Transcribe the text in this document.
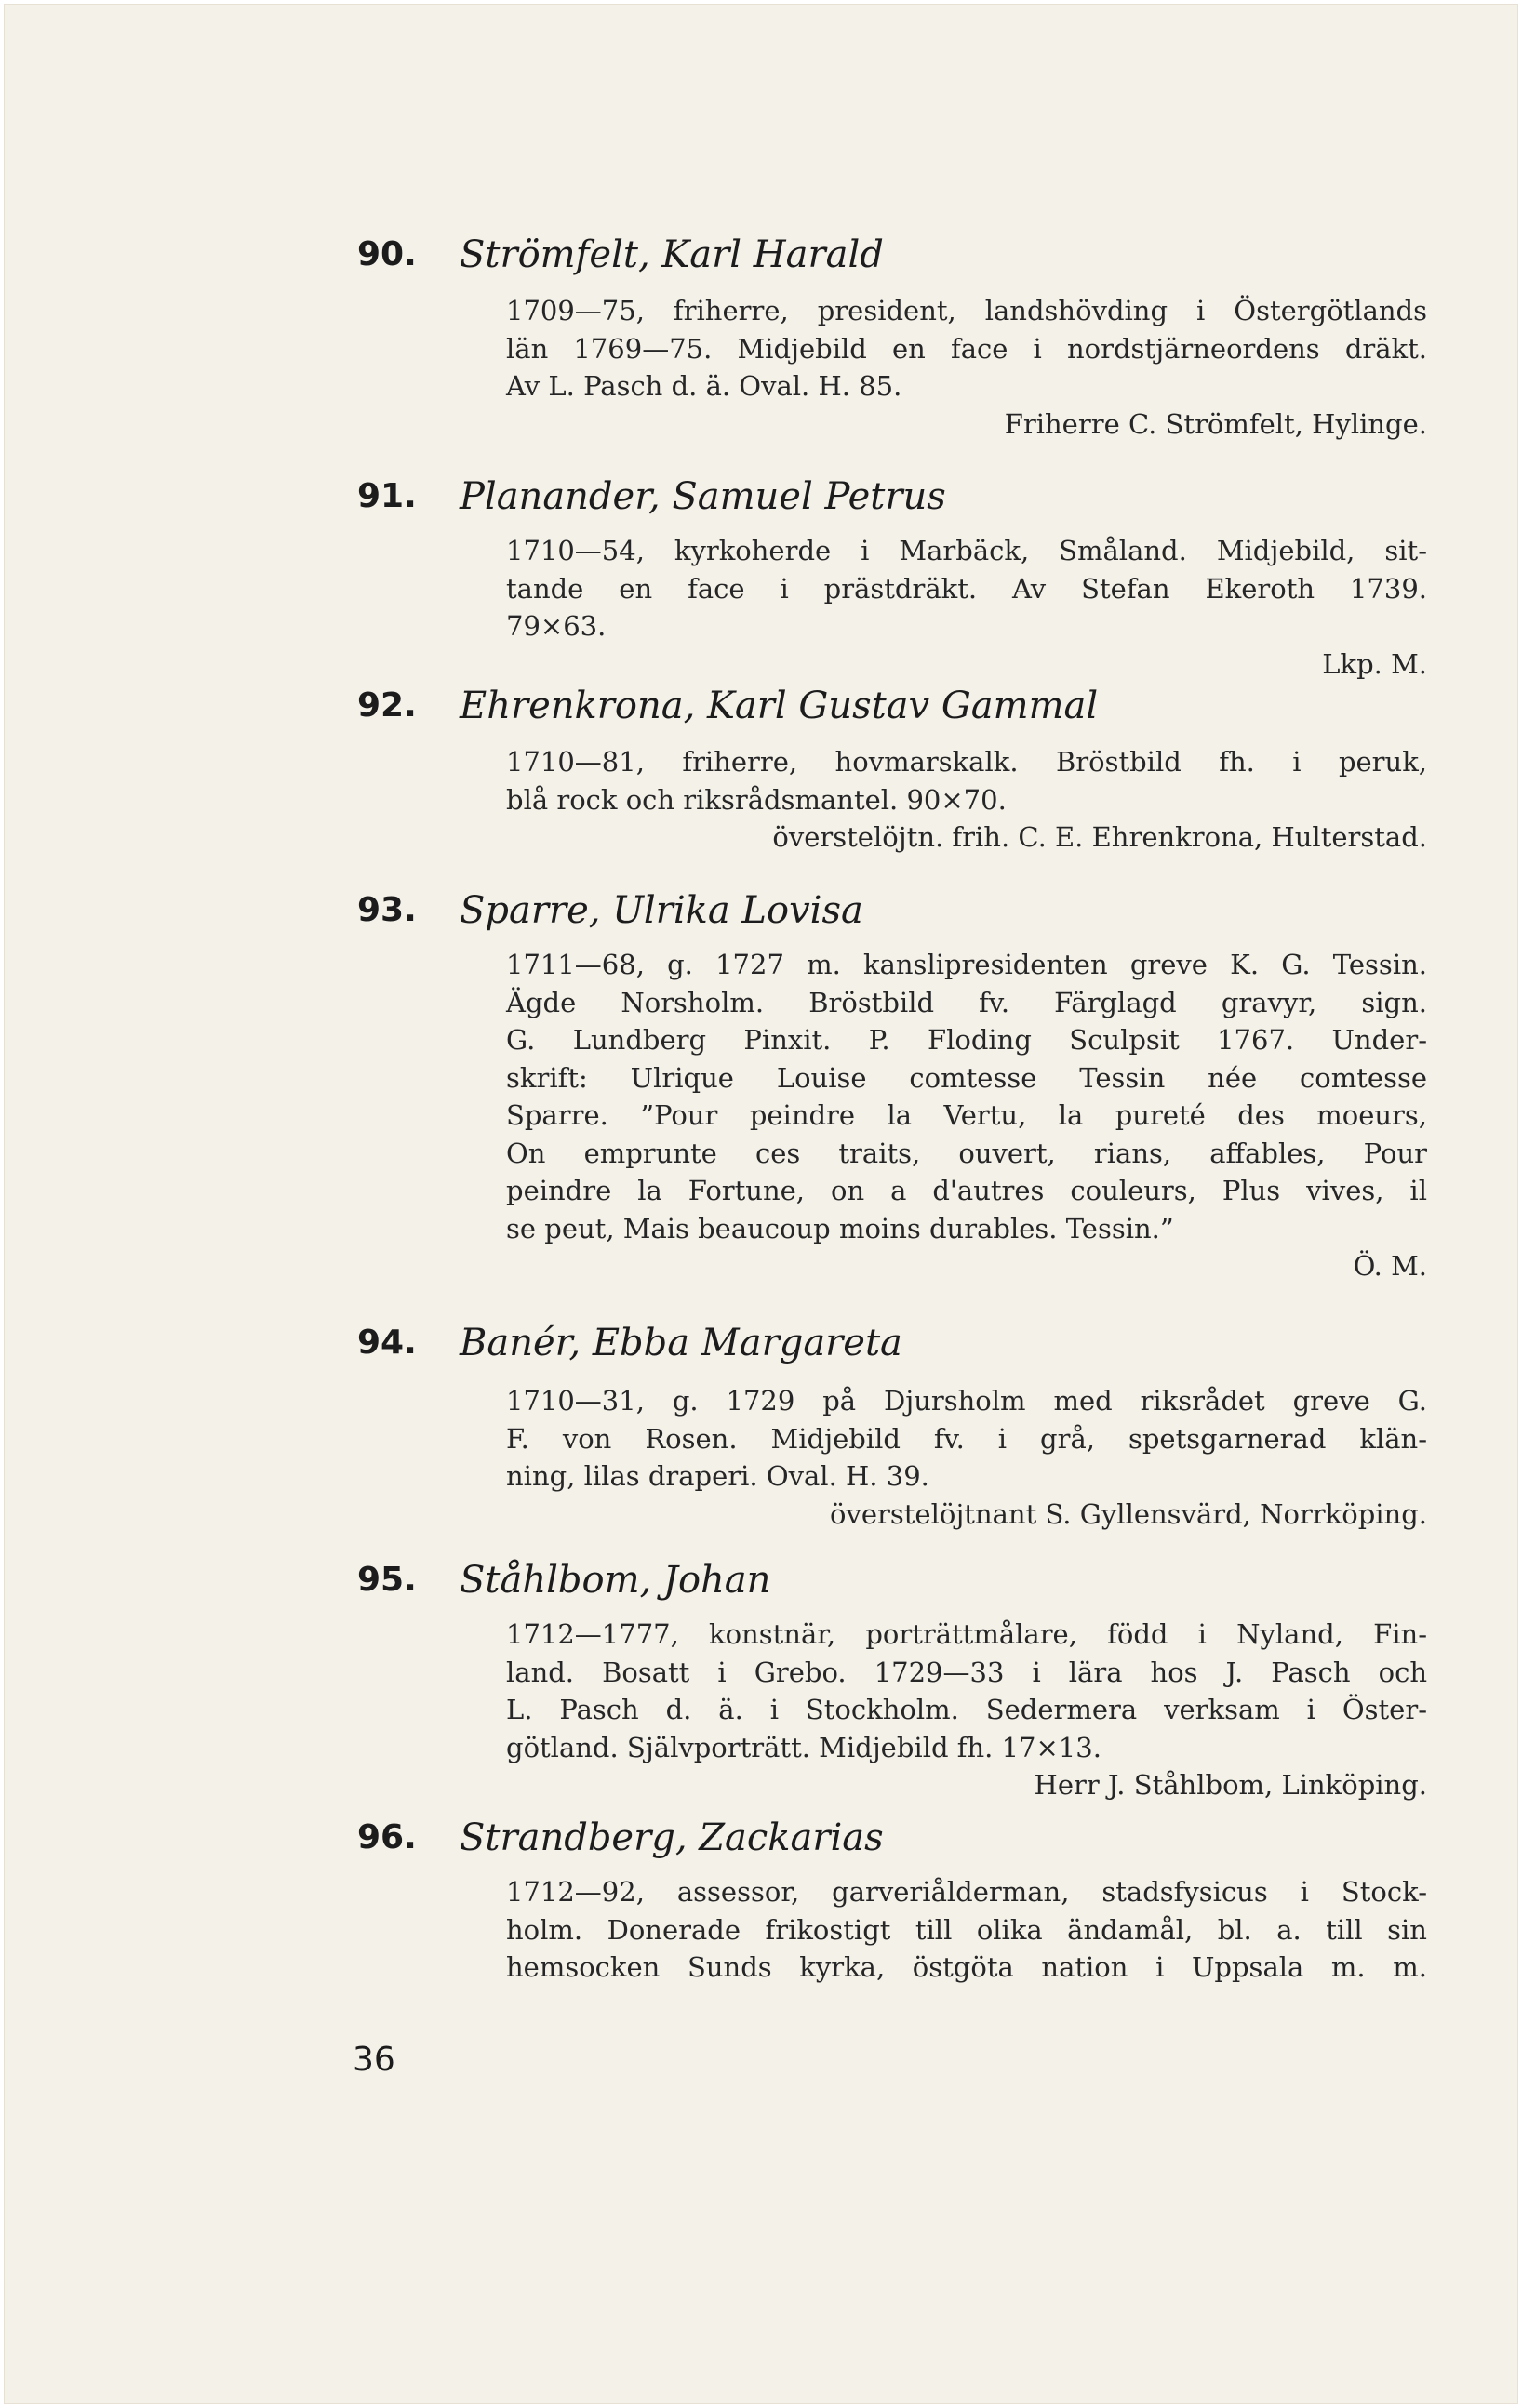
90. Strömfelt, Karl Harald
1709—75, friherre, president, landshövding i Östergötlands
län 1769—75. Midjebild en face i nordstjärneordens dräkt.
Av L. Pasch d. ä. Oval. H. 85.
Friherre C. Strömfelt, Hylinge.
91. Planander, Samuel Petrus
1710—54, kyrkoherde i Marbäck, Småland. Midjebild, sit-
tande en face i prästdräkt. Av Stefan Ekeroth 1739.
79×63.
Lkp. M.
92. Ehrenkrona, Karl Gustav Gammal
1710—81, friherre, hovmarskalk. Bröstbild fh. i peruk,
blå rock och riksrådsmantel. 90×70.
överstelöjtn. frih. C. E. Ehrenkrona, Hulterstad.
93. Sparre, Ulrika Lovisa
1711—68, g. 1727 m. kanslipresidenten greve K. G. Tessin.
Ägde Norsholm. Bröstbild fv. Färglagd gravyr, sign.
G. Lundberg Pinxit. P. Floding Sculpsit 1767. Under-
skrift: Ulrique Louise comtesse Tessin née comtesse
Sparre. ”Pour peindre la Vertu, la pureté des moeurs,
On emprunte ces traits, ouvert, rians, affables, Pour
peindre la Fortune, on a d'autres couleurs, Plus vives, il
se peut, Mais beaucoup moins durables. Tessin.”
Ö. M.
94. Banér, Ebba Margareta
1710—31, g. 1729 på Djursholm med riksrådet greve G.
F. von Rosen. Midjebild fv. i grå, spetsgarnerad klän-
ning, lilas draperi. Oval. H. 39.
överstelöjtnant S. Gyllensvärd, Norrköping.
95. Ståhlbom, Johan
1712—1777, konstnär, porträttmålare, född i Nyland, Fin-
land. Bosatt i Grebo. 1729—33 i lära hos J. Pasch och
L. Pasch d. ä. i Stockholm. Sedermera verksam i Öster-
götland. Självporträtt. Midjebild fh. 17×13.
Herr J. Ståhlbom, Linköping.
96. Strandberg, Zackarias
1712—92, assessor, garveriålderman, stadsfysicus i Stock-
holm. Donerade frikostigt till olika ändamål, bl. a. till sin
hemsocken Sunds kyrka, östgöta nation i Uppsala m. m.
36
